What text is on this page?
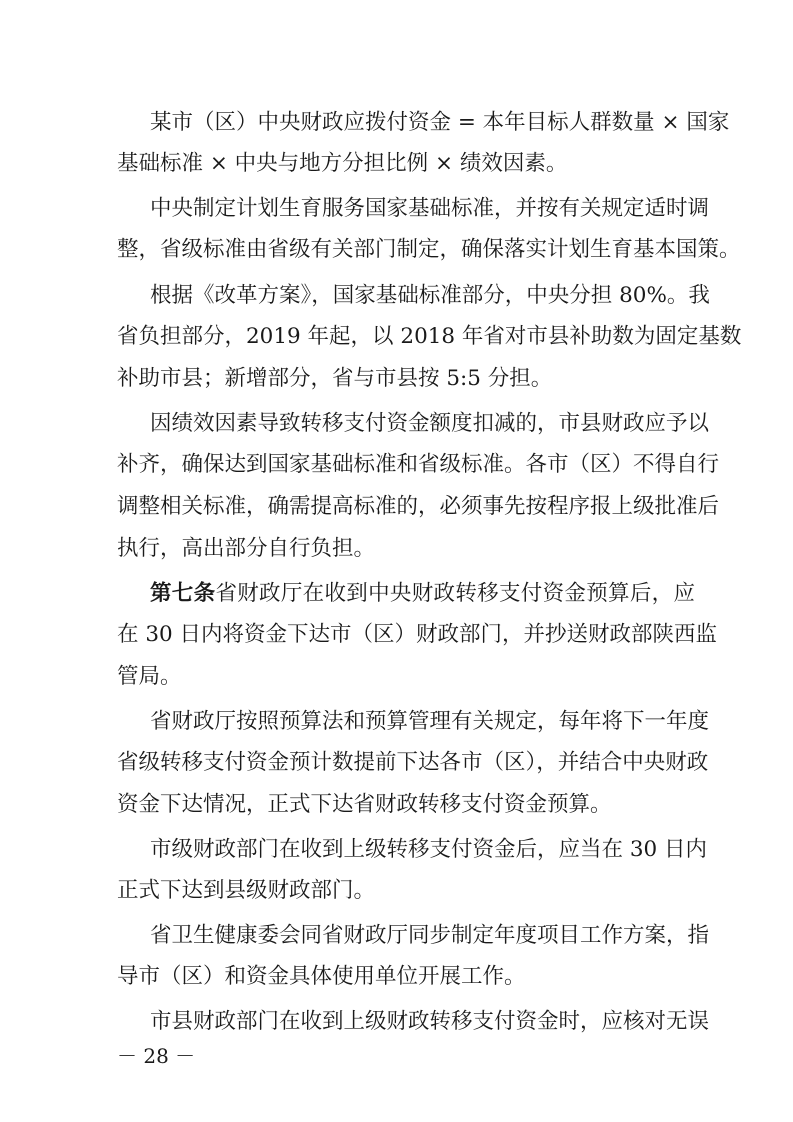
某市（区）中央财政应拨付资金 = 本年目标人群数量 × 国家
基础标准 × 中央与地方分担比例 × 绩效因素。
中央制定计划生育服务国家基础标准，并按有关规定适时调
整，省级标准由省级有关部门制定，确保落实计划生育基本国策。
根据《改革方案》，国家基础标准部分，中央分担 80%。我
省负担部分，2019 年起，以 2018 年省对市县补助数为固定基数
补助市县；新增部分，省与市县按 5:5 分担。
因绩效因素导致转移支付资金额度扣减的，市县财政应予以
补齐，确保达到国家基础标准和省级标准。各市（区）不得自行
调整相关标准，确需提高标准的，必须事先按程序报上级批准后
执行，高出部分自行负担。
第七条省财政厅在收到中央财政转移支付资金预算后，应
在 30 日内将资金下达市（区）财政部门，并抄送财政部陕西监
管局。
省财政厅按照预算法和预算管理有关规定，每年将下一年度
省级转移支付资金预计数提前下达各市（区），并结合中央财政
资金下达情况，正式下达省财政转移支付资金预算。
市级财政部门在收到上级转移支付资金后，应当在 30 日内
正式下达到县级财政部门。
省卫生健康委会同省财政厅同步制定年度项目工作方案，指
导市（区）和资金具体使用单位开展工作。
市县财政部门在收到上级财政转移支付资金时，应核对无误
－ 28 －
